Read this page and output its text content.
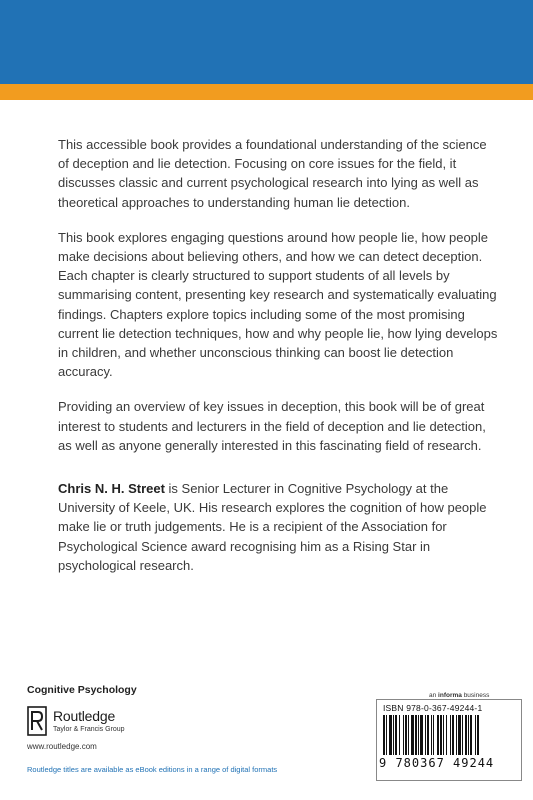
This accessible book provides a foundational understanding of the science of deception and lie detection. Focusing on core issues for the field, it discusses classic and current psychological research into lying as well as theoretical approaches to understanding human lie detection.

This book explores engaging questions around how people lie, how people make decisions about believing others, and how we can detect deception. Each chapter is clearly structured to support students of all levels by summarising content, presenting key research and systematically evaluating findings. Chapters explore topics including some of the most promising current lie detection techniques, how and why people lie, how lying develops in children, and whether unconscious thinking can boost lie detection accuracy.

Providing an overview of key issues in deception, this book will be of great interest to students and lecturers in the field of deception and lie detection, as well as anyone generally interested in this fascinating field of research.

Chris N. H. Street is Senior Lecturer in Cognitive Psychology at the University of Keele, UK. His research explores the cognition of how people make lie or truth judgements. He is a recipient of the Association for Psychological Science award recognising him as a Rising Star in psychological research.

Cognitive Psychology
Routledge
Taylor & Francis Group
www.routledge.com
Routledge titles are available as eBook editions in a range of digital formats
an informa business
ISBN 978-0-367-49244-1
9 780367 49244
